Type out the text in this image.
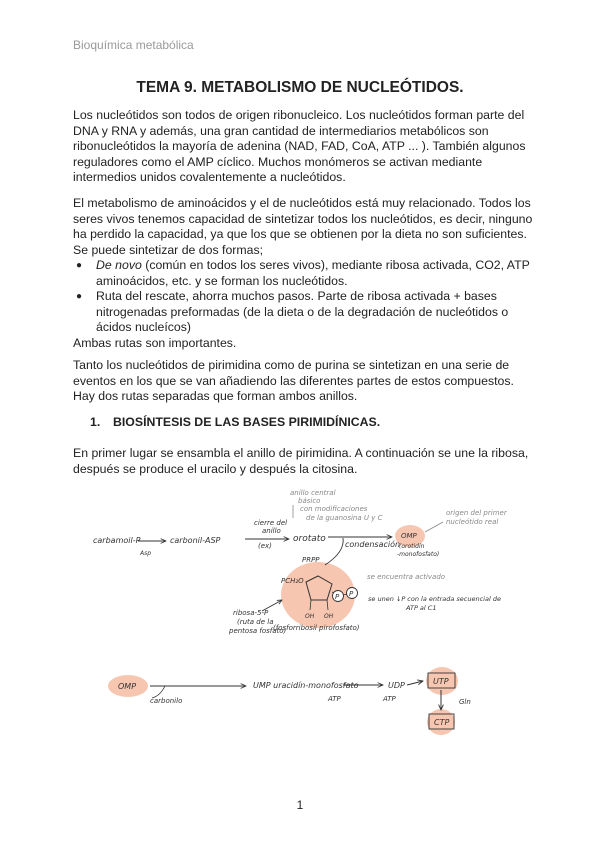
Bioquímica metabólica
TEMA 9. METABOLISMO DE NUCLEÓTIDOS.

Los nucleótidos son todos de origen ribonucleico. Los nucleótidos forman parte del DNA y RNA y además, una gran cantidad de intermediarios metabólicos son ribonucleótidos la mayoría de adenina (NAD, FAD, CoA, ATP ... ). También algunos reguladores como el AMP cíclico. Muchos monómeros se activan mediante intermedios unidos covalentemente a nucleótidos.

El metabolismo de aminoácidos y el de nucleótidos está muy relacionado. Todos los seres vivos tenemos capacidad de sintetizar todos los nucleótidos, es decir, ninguno ha perdido la capacidad, ya que los que se obtienen por la dieta no son suficientes. Se puede sintetizar de dos formas;

● De novo (común en todos los seres vivos), mediante ribosa activada, CO2, ATP aminoácidos, etc. y se forman los nucleótidos.
● Ruta del rescate, ahorra muchos pasos. Parte de ribosa activada + bases nitrogenadas preformadas (de la dieta o de la degradación de nucleótidos o ácidos nucleícos)

Ambas rutas son importantes.

Tanto los nucleótidos de pirimidina como de purina se sintetizan en una serie de eventos en los que se van añadiendo las diferentes partes de estos compuestos. Hay dos rutas separadas que forman ambos anillos.

1. BIOSÍNTESIS DE LAS BASES PIRIMIDÍNICAS.

En primer lugar se ensambla el anillo de pirimidina. A continuación se une la ribosa, después se produce el uracilo y después la citosina.

carbamoil-P
Asp
carbonil-ASP
cierre del
anillo
(ex)
orotato
condensación
anillo central básico con modificaciones de la guanosina U y C
OMP
(orotidín -monofosfato)
origen del primer nucleótido real
PRPP
PCH₂O
OH OH
P P
se encuentra activado
se unen ↓P con la entrada secuencial de ATP al C1
ribosa-5-P (ruta de la pentosa fosfato)
(fosforribosil pirofosfato)
OMP
carbonilo
UMP uracidín-monofosfato
ATP
UDP
ATP
UTP
Gln
CTP
1
